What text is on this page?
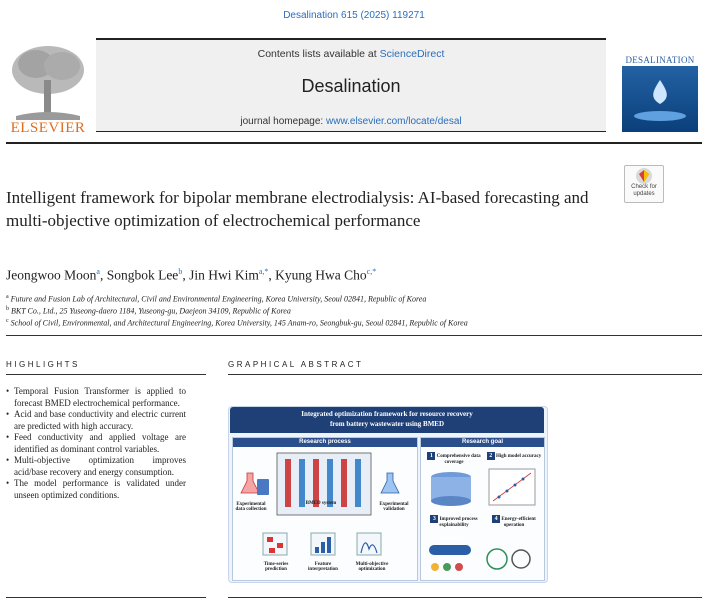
Desalination 615 (2025) 119271
ELSEVIER
Contents lists available at ScienceDirect
Desalination
journal homepage: www.elsevier.com/locate/desal
DESALINATION
Check for updates
Intelligent framework for bipolar membrane electrodialysis: AI-based forecasting and multi-objective optimization of electrochemical performance
Jeongwoo Moon$^a$, Songbok Lee$^b$, Jin Hwi Kim$^{a,*}$, Kyung Hwa Cho$^{c,*}$
$^a$ Future and Fusion Lab of Architectural, Civil and Environmental Engineering, Korea University, Seoul 02841, Republic of Korea
$^b$ BKT Co., Ltd., 25 Yuseong-daero 1184, Yuseong-gu, Daejeon 34109, Republic of Korea
$^c$ School of Civil, Environmental, and Architectural Engineering, Korea University, 145 Anam-ro, Seongbuk-gu, Seoul 02841, Republic of Korea
HIGHLIGHTS	GRAPHICAL ABSTRACT
• Temporal Fusion Transformer is applied to forecast BMED electrochemical performance.
• Acid and base conductivity and electric current are predicted with high accuracy.
• Feed conductivity and applied voltage are identified as dominant control variables.
• Multi-objective optimization improves acid/base recovery and energy consumption.
• The model performance is validated under unseen optimized conditions.
Integrated optimization framework for resource recovery
from battery wastewater using BMED
Research process
BMED system
Experimental data collection
Experimental validation
Time-series prediction
Feature interpretation
Multi-objective optimization
Research goal
1 Comprehensive data coverage
2 High model accuracy
3 Improved process explainability
4 Energy-efficient operation
Explainability
